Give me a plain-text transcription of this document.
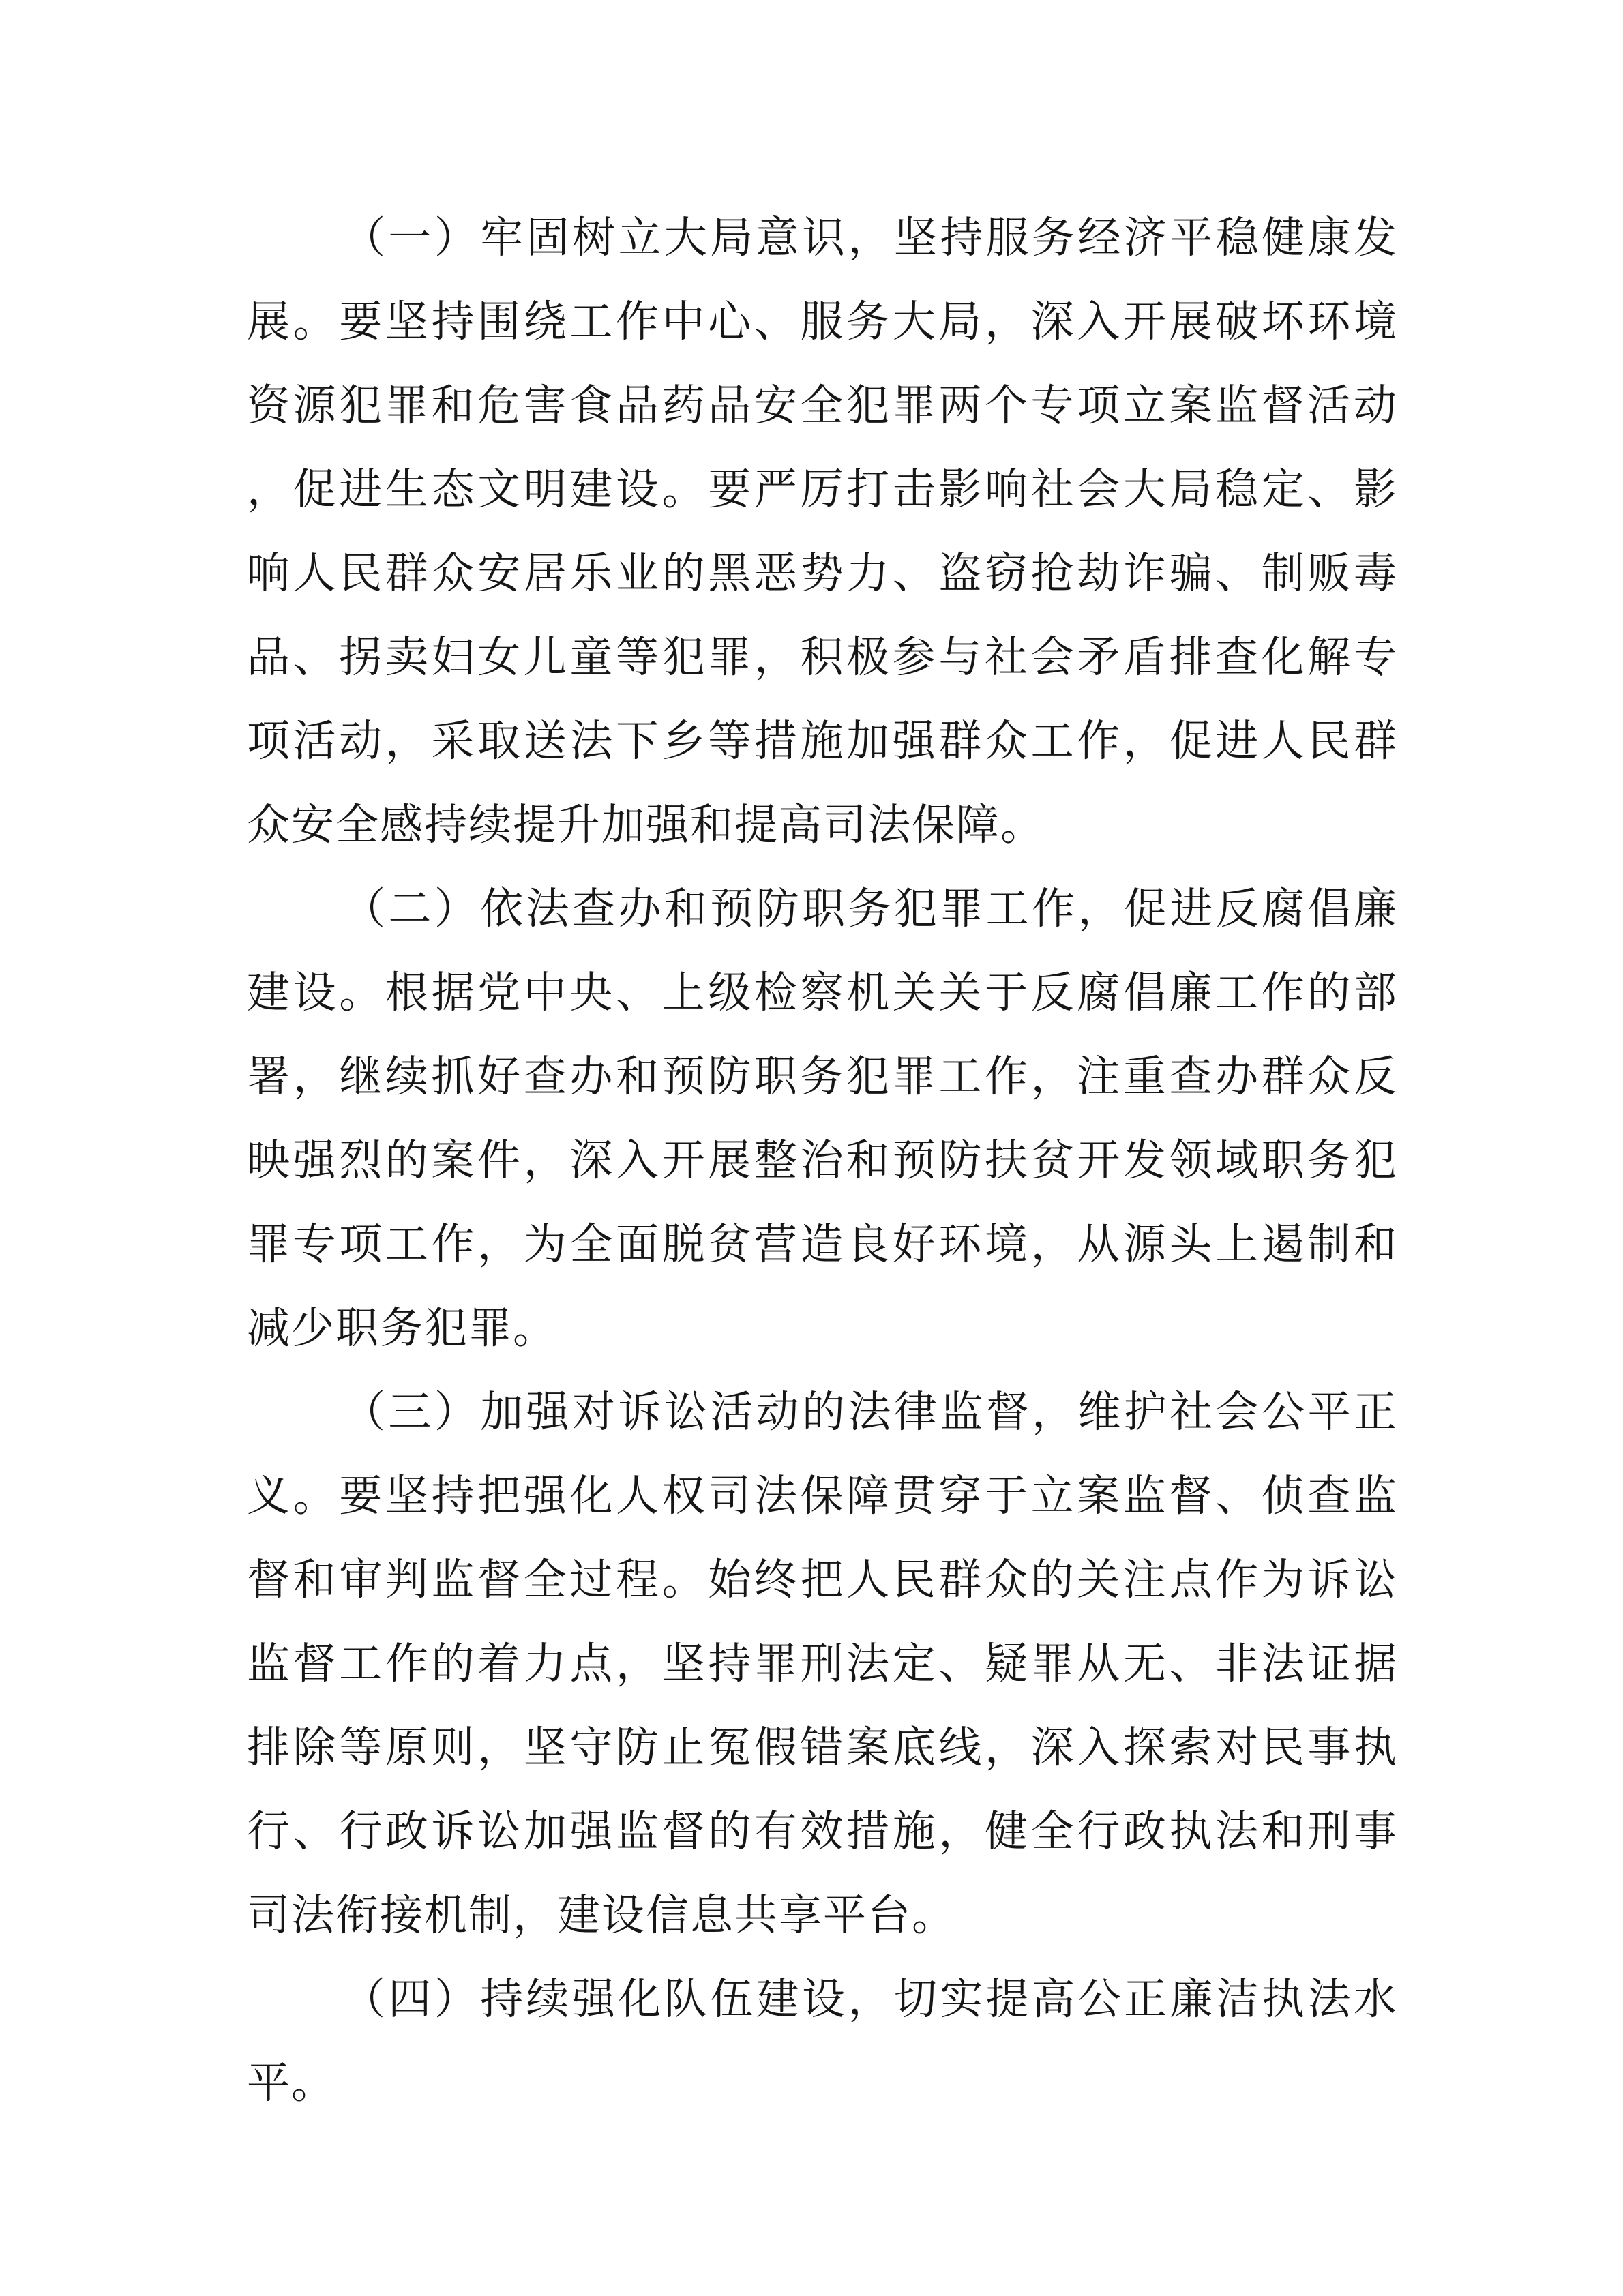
（一）牢固树立大局意识，坚持服务经济平稳健康发展。要坚持围绕工作中心、服务大局，深入开展破坏环境资源犯罪和危害食品药品安全犯罪两个专项立案监督活动，促进生态文明建设。要严厉打击影响社会大局稳定、影响人民群众安居乐业的黑恶势力、盗窃抢劫诈骗、制贩毒品、拐卖妇女儿童等犯罪，积极参与社会矛盾排查化解专项活动，采取送法下乡等措施加强群众工作，促进人民群众安全感持续提升加强和提高司法保障。

（二）依法查办和预防职务犯罪工作，促进反腐倡廉建设。根据党中央、上级检察机关关于反腐倡廉工作的部署，继续抓好查办和预防职务犯罪工作，注重查办群众反映强烈的案件，深入开展整治和预防扶贫开发领域职务犯罪专项工作，为全面脱贫营造良好环境，从源头上遏制和减少职务犯罪。

（三）加强对诉讼活动的法律监督，维护社会公平正义。要坚持把强化人权司法保障贯穿于立案监督、侦查监督和审判监督全过程。始终把人民群众的关注点作为诉讼监督工作的着力点，坚持罪刑法定、疑罪从无、非法证据排除等原则，坚守防止冤假错案底线，深入探索对民事执行、行政诉讼加强监督的有效措施，健全行政执法和刑事司法衔接机制，建设信息共享平台。

（四）持续强化队伍建设，切实提高公正廉洁执法水平。
